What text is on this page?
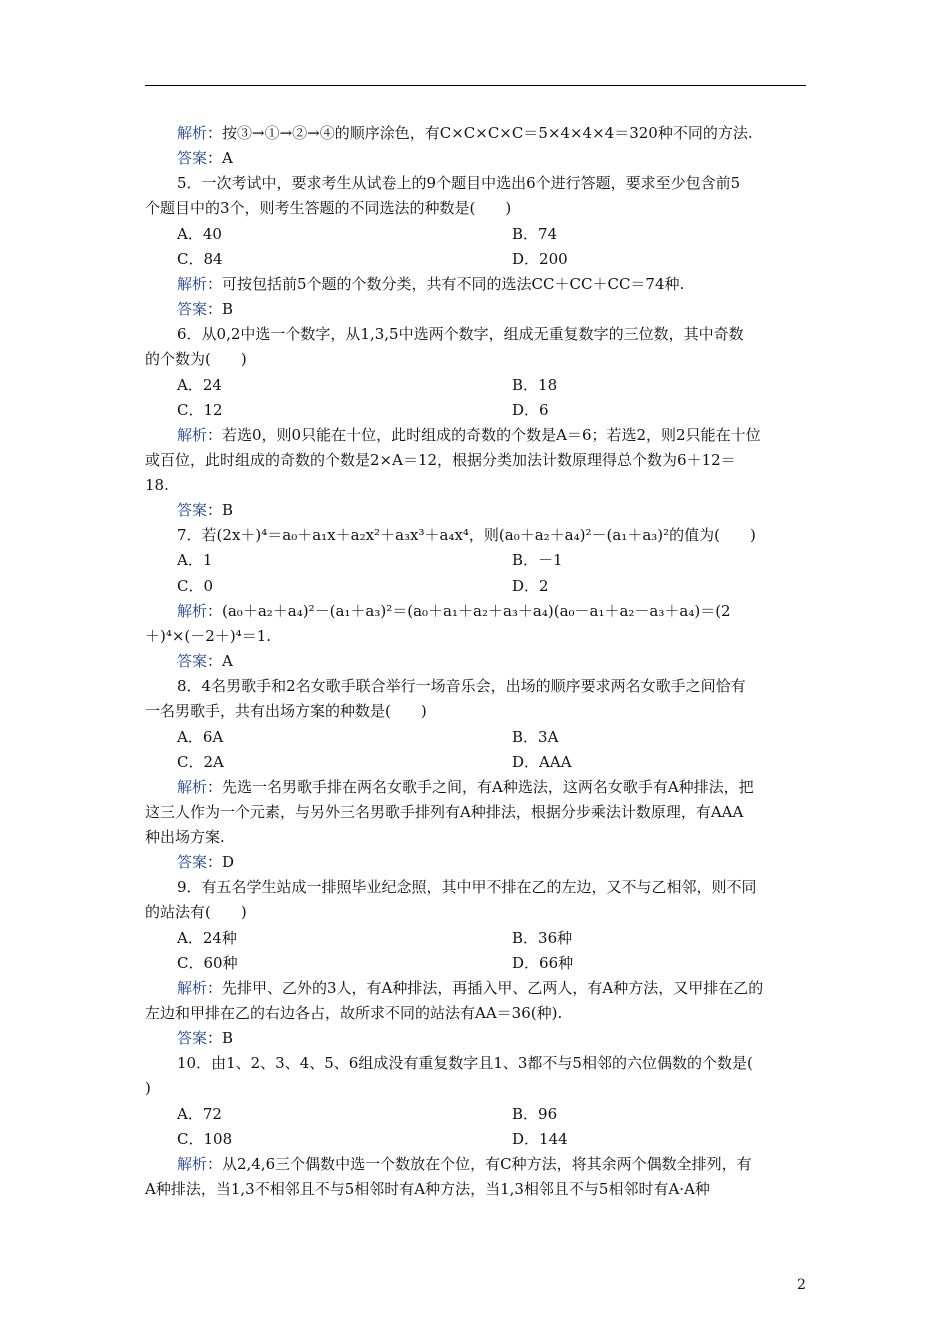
解析：按③→①→②→④的顺序涂色，有C×C×C×C＝5×4×4×4＝320种不同的方法.
答案：A
5．一次考试中，要求考生从试卷上的9个题目中选出6个进行答题，要求至少包含前5
个题目中的3个，则考生答题的不同选法的种数是(　　)
A．40	B．74
C．84	D．200
解析：可按包括前5个题的个数分类，共有不同的选法CC＋CC＋CC＝74种.
答案：B
6．从0,2中选一个数字，从1,3,5中选两个数字，组成无重复数字的三位数，其中奇数
的个数为(　　)
A．24	B．18
C．12	D．6
解析：若选0，则0只能在十位，此时组成的奇数的个数是A＝6；若选2，则2只能在十位
或百位，此时组成的奇数的个数是2×A＝12，根据分类加法计数原理得总个数为6＋12＝
18.
答案：B
7．若(2x＋)⁴＝a₀＋a₁x＋a₂x²＋a₃x³＋a₄x⁴，则(a₀＋a₂＋a₄)²－(a₁＋a₃)²的值为(　　)
A．1	B．－1
C．0	D．2
解析：(a₀＋a₂＋a₄)²－(a₁＋a₃)²＝(a₀＋a₁＋a₂＋a₃＋a₄)(a₀－a₁＋a₂－a₃＋a₄)＝(2
＋)⁴×(－2＋)⁴＝1.
答案：A
8．4名男歌手和2名女歌手联合举行一场音乐会，出场的顺序要求两名女歌手之间恰有
一名男歌手，共有出场方案的种数是(　　)
A．6A	B．3A
C．2A	D．AAA
解析：先选一名男歌手排在两名女歌手之间，有A种选法，这两名女歌手有A种排法，把
这三人作为一个元素，与另外三名男歌手排列有A种排法，根据分步乘法计数原理，有AAA
种出场方案.
答案：D
9．有五名学生站成一排照毕业纪念照，其中甲不排在乙的左边，又不与乙相邻，则不同
的站法有(　　)
A．24种	B．36种
C．60种	D．66种
解析：先排甲、乙外的3人，有A种排法，再插入甲、乙两人，有A种方法，又甲排在乙的
左边和甲排在乙的右边各占，故所求不同的站法有AA＝36(种).
答案：B
10．由1、2、3、4、5、6组成没有重复数字且1、3都不与5相邻的六位偶数的个数是(
)
A．72	B．96
C．108	D．144
解析：从2,4,6三个偶数中选一个数放在个位，有C种方法，将其余两个偶数全排列，有
A种排法，当1,3不相邻且不与5相邻时有A种方法，当1,3相邻且不与5相邻时有A·A种
2
